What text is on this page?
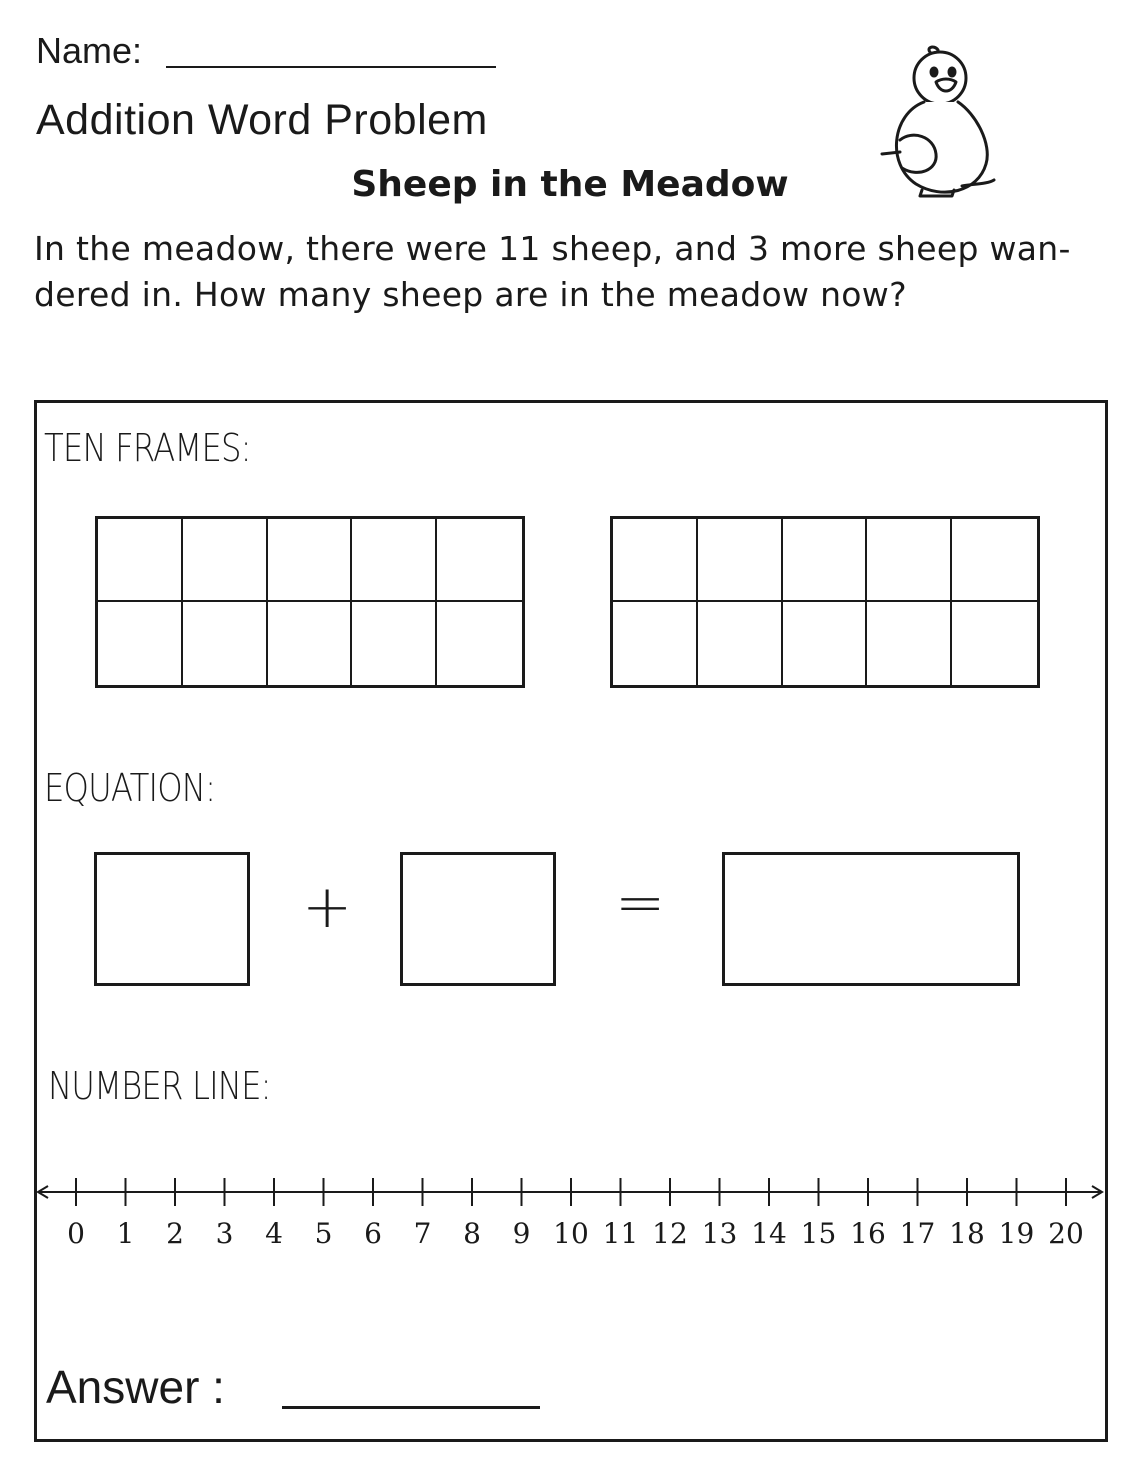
Name:
Addition Word Problem
Sheep in the Meadow
In the meadow, there were 11 sheep, and 3 more sheep wan-
dered in. How many sheep are in the meadow now?
TEN FRAMES:
EQUATION:
+	=
NUMBER LINE:
0 1 2 3 4 5 6 7 8 9 10 11 12 13 14 15 16 17 18 19 20
Answer :
